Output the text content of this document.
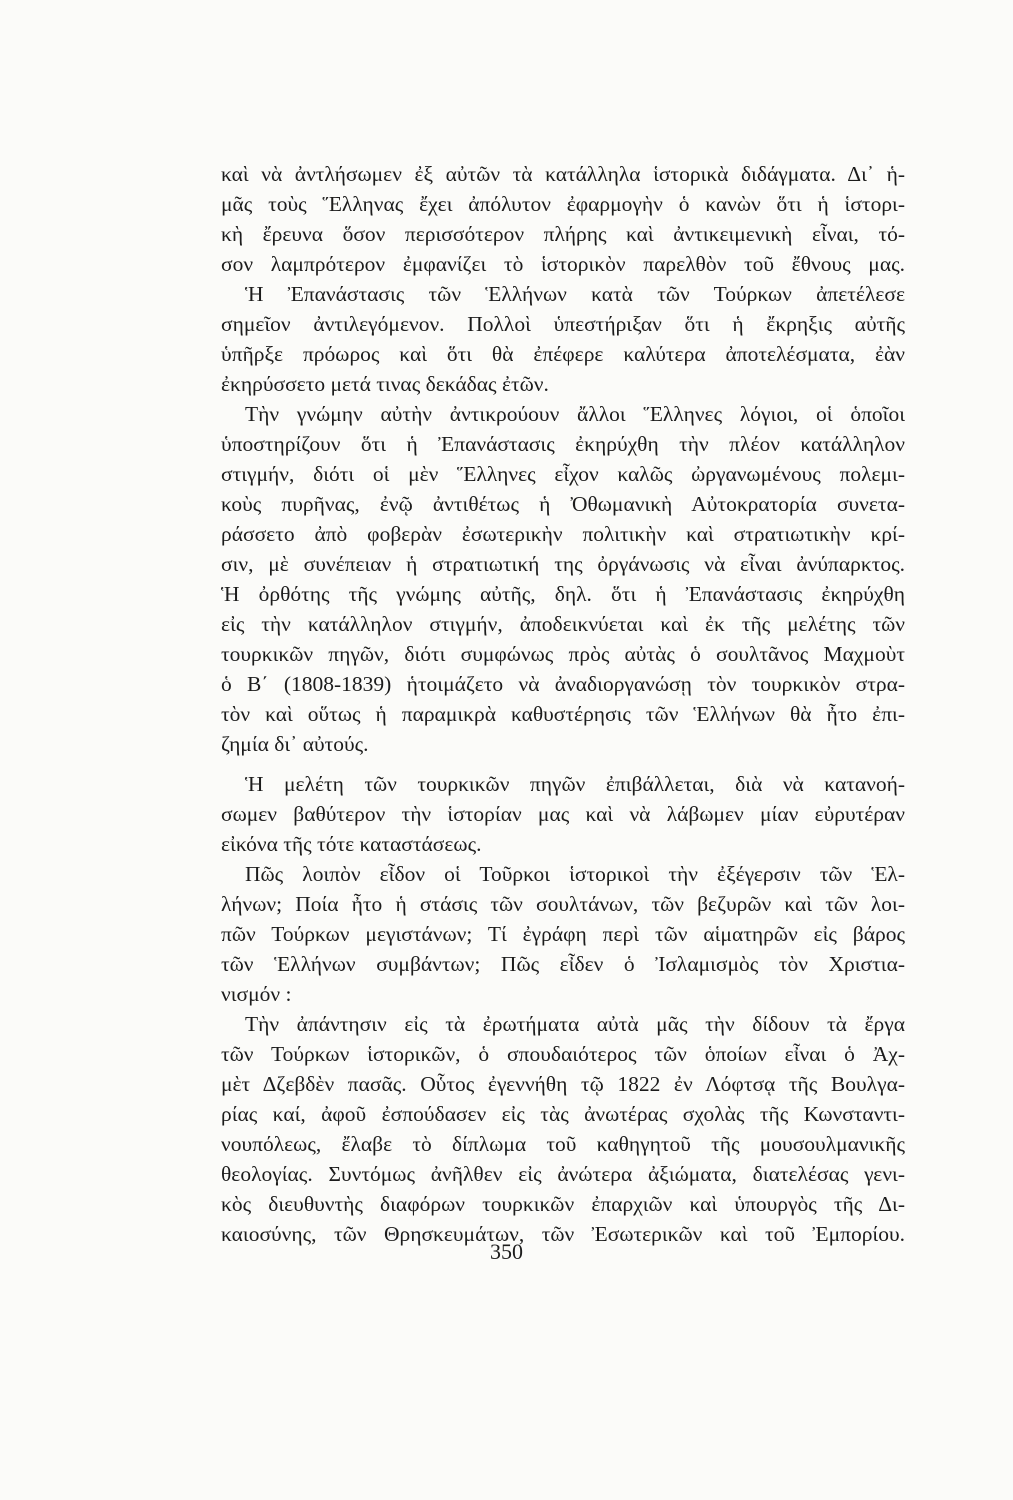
καὶ νὰ ἀντλήσωμεν ἐξ αὐτῶν τὰ κατάλληλα ἱστορικὰ διδάγματα. Δι᾿ ἡ-
μᾶς τοὺς Ἕλληνας ἔχει ἀπόλυτον ἐφαρμογὴν ὁ κανὼν ὅτι ἡ ἱστορι-
κὴ ἔρευνα ὅσον περισσότερον πλήρης καὶ ἀντικειμενικὴ εἶναι, τό-
σον λαμπρότερον ἐμφανίζει τὸ ἱστορικὸν παρελθὸν τοῦ ἔθνους μας.
Ἡ Ἐπανάστασις τῶν Ἑλλήνων κατὰ τῶν Τούρκων ἀπετέλεσε
σημεῖον ἀντιλεγόμενον. Πολλοὶ ὑπεστήριξαν ὅτι ἡ ἔκρηξις αὐτῆς
ὑπῆρξε πρόωρος καὶ ὅτι θὰ ἐπέφερε καλύτερα ἀποτελέσματα, ἐὰν
ἐκηρύσσετο μετά τινας δεκάδας ἐτῶν.
Τὴν γνώμην αὐτὴν ἀντικρούουν ἄλλοι Ἕλληνες λόγιοι, οἱ ὁποῖοι
ὑποστηρίζουν ὅτι ἡ Ἐπανάστασις ἐκηρύχθη τὴν πλέον κατάλληλον
στιγμήν, διότι οἱ μὲν Ἕλληνες εἶχον καλῶς ὠργανωμένους πολεμι-
κοὺς πυρῆνας, ἐνῷ ἀντιθέτως ἡ Ὀθωμανικὴ Αὐτοκρατορία συνετα-
ράσσετο ἀπὸ φοβερὰν ἐσωτερικὴν πολιτικὴν καὶ στρατιωτικὴν κρί-
σιν, μὲ συνέπειαν ἡ στρατιωτική της ὀργάνωσις νὰ εἶναι ἀνύπαρκτος.
Ἡ ὀρθότης τῆς γνώμης αὐτῆς, δηλ. ὅτι ἡ Ἐπανάστασις ἐκηρύχθη
εἰς τὴν κατάλληλον στιγμήν, ἀποδεικνύεται καὶ ἐκ τῆς μελέτης τῶν
τουρκικῶν πηγῶν, διότι συμφώνως πρὸς αὐτὰς ὁ σουλτᾶνος Μαχμοὺτ
ὁ Β΄ (1808-1839) ἡτοιμάζετο νὰ ἀναδιοργανώσῃ τὸν τουρκικὸν στρα-
τὸν καὶ οὕτως ἡ παραμικρὰ καθυστέρησις τῶν Ἑλλήνων θὰ ἦτο ἐπι-
ζημία δι᾿ αὐτούς.
Ἡ μελέτη τῶν τουρκικῶν πηγῶν ἐπιβάλλεται, διὰ νὰ κατανοή-
σωμεν βαθύτερον τὴν ἱστορίαν μας καὶ νὰ λάβωμεν μίαν εὐρυτέραν
εἰκόνα τῆς τότε καταστάσεως.
Πῶς λοιπὸν εἶδον οἱ Τοῦρκοι ἱστορικοὶ τὴν ἐξέγερσιν τῶν Ἑλ-
λήνων; Ποία ἦτο ἡ στάσις τῶν σουλτάνων, τῶν βεζυρῶν καὶ τῶν λοι-
πῶν Τούρκων μεγιστάνων; Τί ἐγράφη περὶ τῶν αἱματηρῶν εἰς βάρος
τῶν Ἑλλήνων συμβάντων; Πῶς εἶδεν ὁ Ἰσλαμισμὸς τὸν Χριστια-
νισμόν :
Τὴν ἀπάντησιν εἰς τὰ ἐρωτήματα αὐτὰ μᾶς τὴν δίδουν τὰ ἔργα
τῶν Τούρκων ἱστορικῶν, ὁ σπουδαιότερος τῶν ὁποίων εἶναι ὁ Ἀχ-
μὲτ Δζεβδὲν πασᾶς. Οὗτος ἐγεννήθη τῷ 1822 ἐν Λόφτσᾳ τῆς Βουλγα-
ρίας καί, ἀφοῦ ἐσπούδασεν εἰς τὰς ἀνωτέρας σχολὰς τῆς Κωνσταντι-
νουπόλεως, ἔλαβε τὸ δίπλωμα τοῦ καθηγητοῦ τῆς μουσουλμανικῆς
θεολογίας. Συντόμως ἀνῆλθεν εἰς ἀνώτερα ἀξιώματα, διατελέσας γενι-
κὸς διευθυντὴς διαφόρων τουρκικῶν ἐπαρχιῶν καὶ ὑπουργὸς τῆς Δι-
καιοσύνης, τῶν Θρησκευμάτων, τῶν Ἐσωτερικῶν καὶ τοῦ Ἐμπορίου.
350
